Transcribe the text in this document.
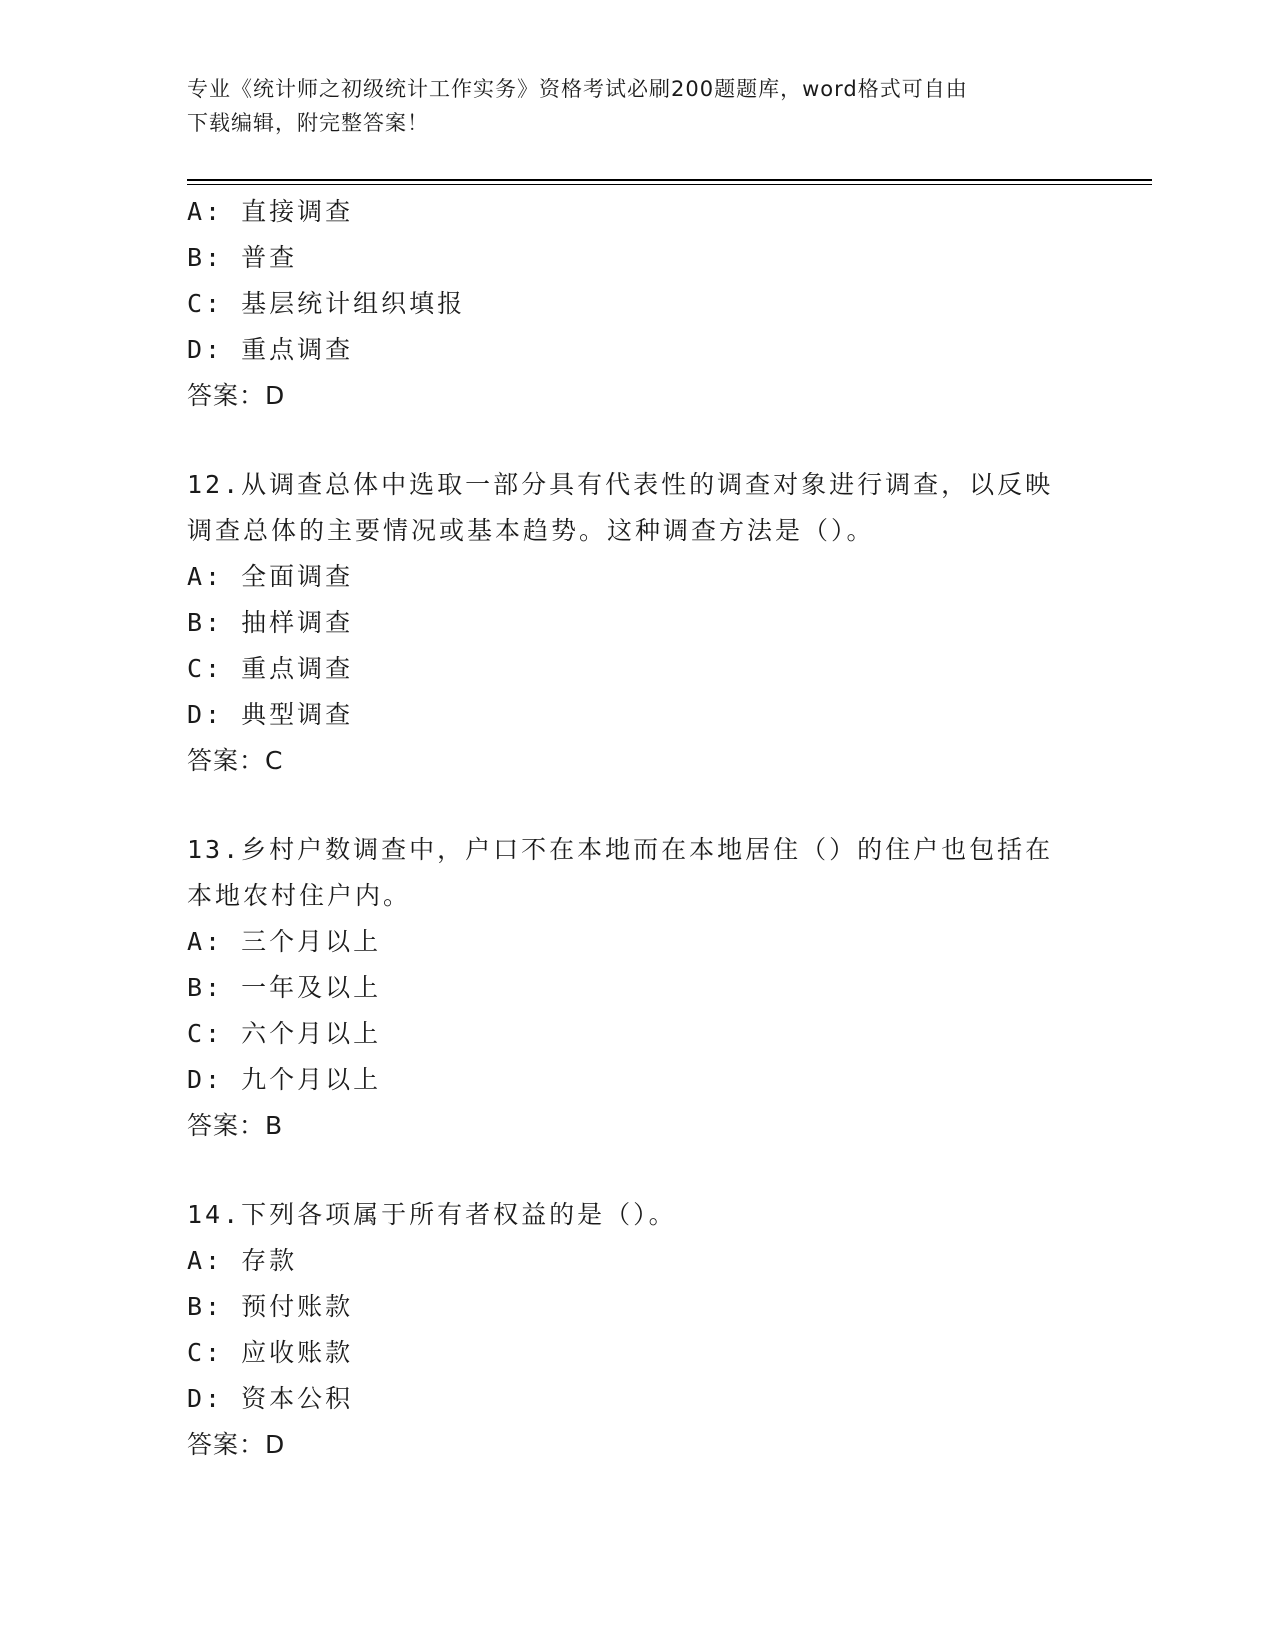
专业《统计师之初级统计工作实务》资格考试必刷200题题库，word格式可自由
下载编辑，附完整答案！
A: 直接调查
B: 普查
C: 基层统计组织填报
D: 重点调查
答案：D
12.从调查总体中选取一部分具有代表性的调查对象进行调查，以反映
调查总体的主要情况或基本趋势。这种调查方法是（）。
A: 全面调查
B: 抽样调查
C: 重点调查
D: 典型调查
答案：C
13.乡村户数调查中，户口不在本地而在本地居住（）的住户也包括在
本地农村住户内。
A: 三个月以上
B: 一年及以上
C: 六个月以上
D: 九个月以上
答案：B
14.下列各项属于所有者权益的是（）。
A: 存款
B: 预付账款
C: 应收账款
D: 资本公积
答案：D
